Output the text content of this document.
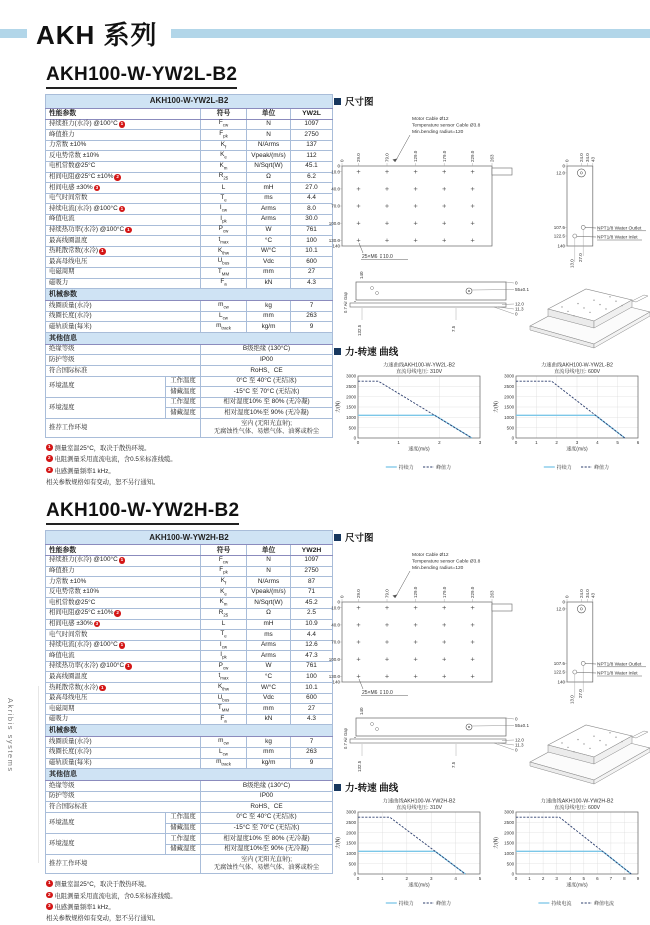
Akribis systems
AKH 系列
AKH100-W-YW2L-B2
AKH100-W-YW2L-B2				
性能参数		符号	单位	YW2L
持续推力(水冷) @100°C 1		$F_{cw}$	N	1097
峰值推力		$F_{pk}$	N	2750
力常数 ±10%		$K_f$	N/Arms	137
反电势常数 ±10%		$K_e$	Vpeak/(m/s)	112
电机常数@25°C		$K_m$	N/Sqrt(W)	45.1
相间电阻@25°C ±10% 2		$R_{25}$	Ω	6.2
相间电感 ±30% 3		L	mH	27.0
电气时间常数		$T_e$	ms	4.4
持续电流(水冷) @100°C 1		$I_{cw}$	Arms	8.0
峰值电流		$I_{pk}$	Arms	30.0
持续热功率(水冷) @100°C 1		$P_{cw}$	W	761
最高线圈温度		$t_{max}$	°C	100
热耗散常数(水冷) 1		$K_{thw}$	W/°C	10.1
最高母线电压		$U_{bus}$	Vdc	600
电磁周期		$T_{MM}$	mm	27
磁吸力		$F_a$	kN	4.3
机械参数				
线圈质量(水冷)		$m_{cw}$	kg	7
线圈长度(水冷)		$L_{cw}$	mm	263
磁轨质量(每米)		$m_{track}$	kg/m	9
其他信息				
绝缘等级		B级绝缘 (130°C)		
防护等级		IP00		
符合国际标准		RoHS、CE		
环境温度	工作温度	0°C 至 40°C (无结冰)		
	储藏温度	-15°C 至 70°C (无结冰)		
环境湿度	工作湿度	相对湿度10% 至 80% (无冷凝)		
	储藏湿度	相对湿度10%至 90% (无冷凝)		
推荐工作环境		室内 (无阳光直射);
无腐蚀性气体、易燃气体、油雾或粉尘		
1 测量室温25°C，取决于散热环境。
2 电阻测量采用直流电流，含0.5米标准线缆。
3 电感测量频率1 kHz。
相关参数规格如有变动，恕不另行通知。
尺寸图
Motor Cable Ø12
Temperature sensor Cable Ø3.8
Min.bending radius=120
0	29.0	79.0	129.0	179.0	229.0	263
0
10.0
40.0
70.0
100.0
130.0
140
25×M6 ↧10.0
0 24.0 34.0 43
0
12.0
107.5
122.5
140
13.0
27.0
NPT1/8 Water Outlet
NPT1/8 Water Inlet
140
0.7 Air Gap
0
55±0.1
12.0
11.3
0
132.5	7.5
力-转速 曲线
力速曲线AKH100-W-YW2L-B2
直流母线电压: 310V
0
500
1000
1500
2000
2500
3000
0	1	2	3
速度(m/s)
力(N)
持续力	峰值力
力速曲线AKH100-W-YW2L-B2
直流母线电压: 600V
0
500
1000
1500
2000
2500
3000
0	1	2	3	4	5	6
速度(m/s)
力(N)
持续力	峰值力
AKH100-W-YW2H-B2
AKH100-W-YW2H-B2				
性能参数		符号	单位	YW2H
持续推力(水冷) @100°C 1		$F_{cw}$	N	1097
峰值推力		$F_{pk}$	N	2750
力常数 ±10%		$K_f$	N/Arms	87
反电势常数 ±10%		$K_e$	Vpeak/(m/s)	71
电机常数@25°C		$K_m$	N/Sqrt(W)	45.2
相间电阻@25°C ±10% 2		$R_{25}$	Ω	2.5
相间电感 ±30% 3		L	mH	10.9
电气时间常数		$T_e$	ms	4.4
持续电流(水冷) @100°C 1		$I_{cw}$	Arms	12.6
峰值电流		$I_{pk}$	Arms	47.3
持续热功率(水冷) @100°C 1		$P_{cw}$	W	761
最高线圈温度		$t_{max}$	°C	100
热耗散常数(水冷) 1		$K_{thw}$	W/°C	10.1
最高母线电压		$U_{bus}$	Vdc	600
电磁周期		$T_{MM}$	mm	27
磁吸力		$F_a$	kN	4.3
机械参数				
线圈质量(水冷)		$m_{cw}$	kg	7
线圈长度(水冷)		$L_{cw}$	mm	263
磁轨质量(每米)		$m_{track}$	kg/m	9
其他信息				
绝缘等级		B级绝缘 (130°C)		
防护等级		IP00		
符合国际标准		RoHS、CE		
环境温度	工作温度	0°C 至 40°C (无结冰)		
	储藏温度	-15°C 至 70°C (无结冰)		
环境湿度	工作湿度	相对湿度10% 至 80% (无冷凝)		
	储藏湿度	相对湿度10%至 90% (无冷凝)		
推荐工作环境		室内 (无阳光直射);
无腐蚀性气体、易燃气体、油雾或粉尘		
1 测量室温25°C，取决于散热环境。
2 电阻测量采用直流电流，含0.5米标准线缆。
3 电感测量频率1 kHz。
相关参数规格如有变动，恕不另行通知。
尺寸图
Motor Cable Ø12
Temperature sensor Cable Ø3.8
Min.bending radius=120
0	29.0	79.0	129.0	179.0	229.0	263
0
10.0
40.0
70.0
100.0
130.0
140
25×M6 ↧10.0
0 24.0 34.0 43
0
12.0
107.5
122.5
140
13.0
27.0
NPT1/8 Water Outlet
NPT1/8 Water Inlet
140
0.7 Air Gap
0
55±0.1
12.0
11.3
0
132.5	7.5
力-转速 曲线
力速曲线AKH100-W-YW2H-B2
直流母线电压: 310V
0
500
1000
1500
2000
2500
3000
0	1	2	3	4	5
速度(m/s)
力(N)
持续力	峰值力
力速曲线AKH100-W-YW2H-B2
直流母线电压: 600V
0
500
1000
1500
2000
2500
3000
0 1 2 3 4 5 6 7 8 9
速度(m/s)
力(N)
持续电流	峰值电流
